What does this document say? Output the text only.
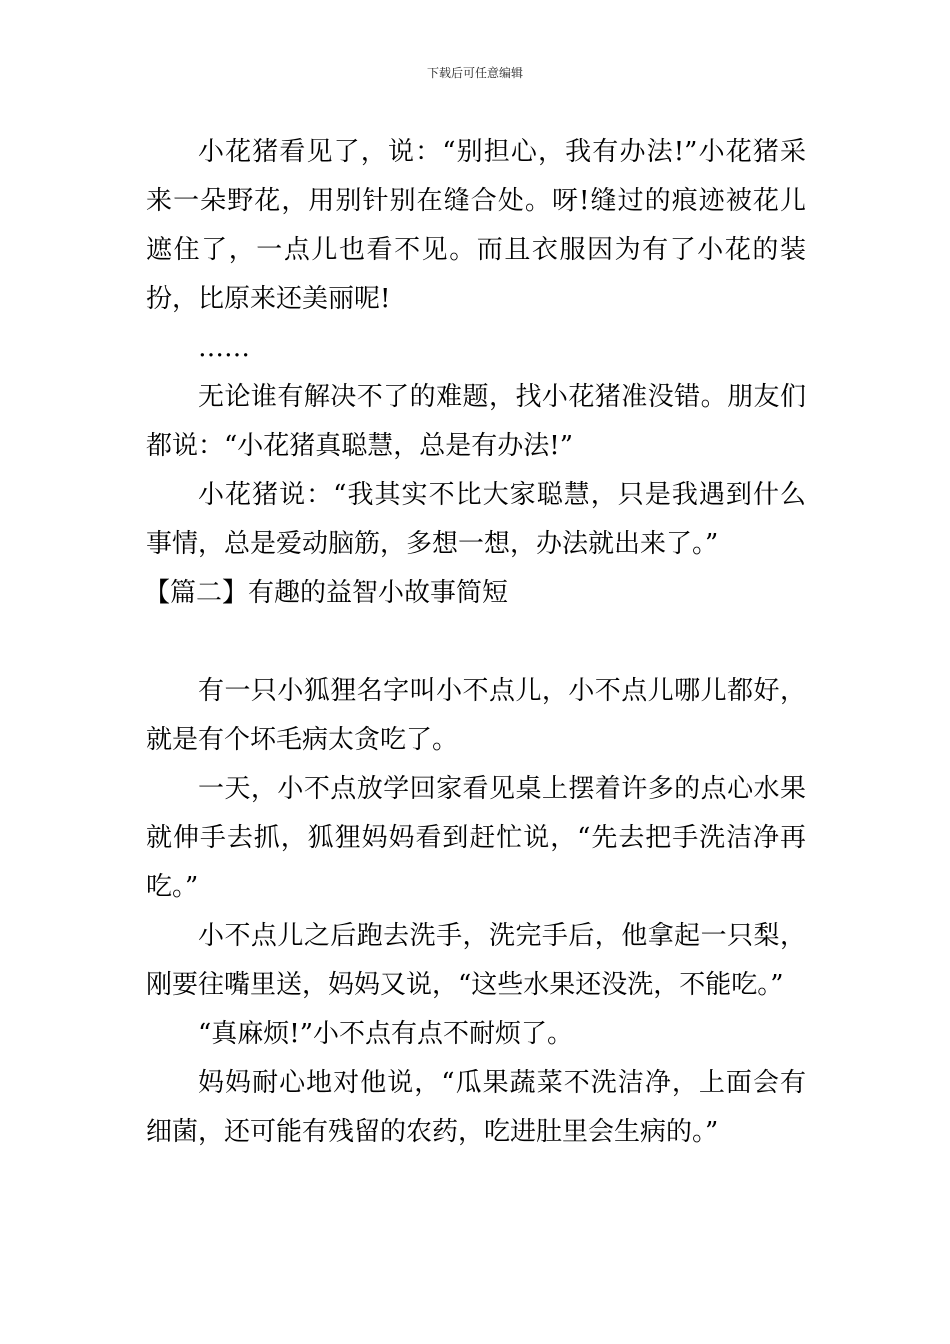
下载后可任意编辑

小花猪看见了，说：“别担心，我有办法!”小花猪采来一朵野花，用别针别在缝合处。呀!缝过的痕迹被花儿遮住了，一点儿也看不见。而且衣服因为有了小花的装扮，比原来还美丽呢!

……

无论谁有解决不了的难题，找小花猪准没错。朋友们都说：“小花猪真聪慧，总是有办法!”

小花猪说：“我其实不比大家聪慧，只是我遇到什么事情，总是爱动脑筋，多想一想，办法就出来了。”

【篇二】有趣的益智小故事简短

有一只小狐狸名字叫小不点儿，小不点儿哪儿都好，就是有个坏毛病太贪吃了。

一天，小不点放学回家看见桌上摆着许多的点心水果就伸手去抓，狐狸妈妈看到赶忙说，“先去把手洗洁净再吃。”

小不点儿之后跑去洗手，洗完手后，他拿起一只梨，刚要往嘴里送，妈妈又说，“这些水果还没洗，不能吃。”

“真麻烦!”小不点有点不耐烦了。

妈妈耐心地对他说，“瓜果蔬菜不洗洁净，上面会有细菌，还可能有残留的农药，吃进肚里会生病的。”
